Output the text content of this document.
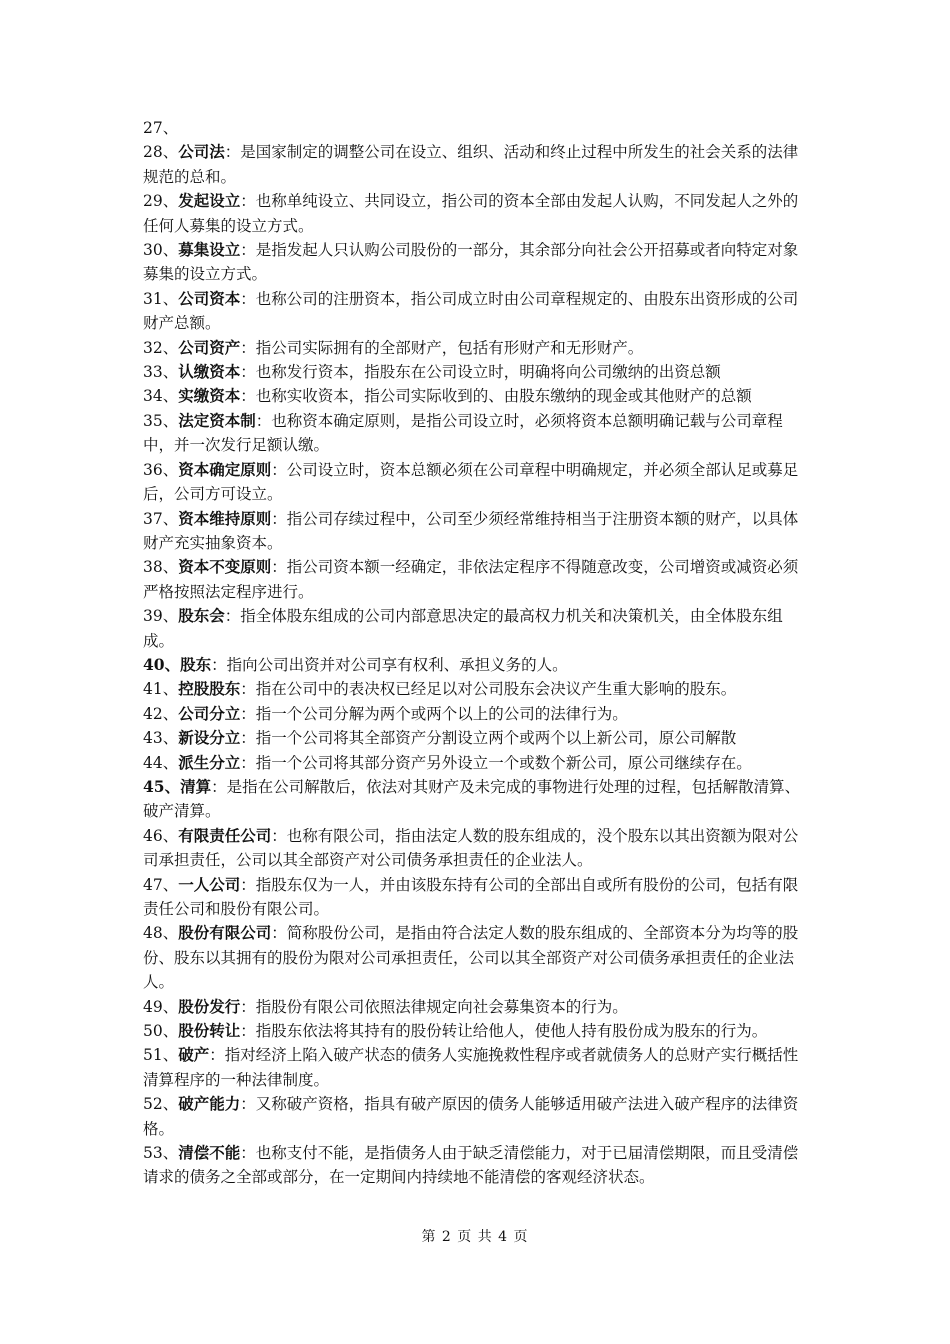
27、
28、公司法：是国家制定的调整公司在设立、组织、活动和终止过程中所发生的社会关系的法律规范的总和。
29、发起设立：也称单纯设立、共同设立，指公司的资本全部由发起人认购，不同发起人之外的任何人募集的设立方式。
30、募集设立：是指发起人只认购公司股份的一部分，其余部分向社会公开招募或者向特定对象募集的设立方式。
31、公司资本：也称公司的注册资本，指公司成立时由公司章程规定的、由股东出资形成的公司财产总额。
32、公司资产：指公司实际拥有的全部财产，包括有形财产和无形财产。
33、认缴资本：也称发行资本，指股东在公司设立时，明确将向公司缴纳的出资总额
34、实缴资本：也称实收资本，指公司实际收到的、由股东缴纳的现金或其他财产的总额
35、法定资本制：也称资本确定原则，是指公司设立时，必须将资本总额明确记载与公司章程中，并一次发行足额认缴。
36、资本确定原则：公司设立时，资本总额必须在公司章程中明确规定，并必须全部认足或募足后，公司方可设立。
37、资本维持原则：指公司存续过程中，公司至少须经常维持相当于注册资本额的财产，以具体财产充实抽象资本。
38、资本不变原则：指公司资本额一经确定，非依法定程序不得随意改变，公司增资或减资必须严格按照法定程序进行。
39、股东会：指全体股东组成的公司内部意思决定的最高权力机关和决策机关，由全体股东组成。
40、股东：指向公司出资并对公司享有权利、承担义务的人。
41、控股股东：指在公司中的表决权已经足以对公司股东会决议产生重大影响的股东。
42、公司分立：指一个公司分解为两个或两个以上的公司的法律行为。
43、新设分立：指一个公司将其全部资产分割设立两个或两个以上新公司，原公司解散
44、派生分立：指一个公司将其部分资产另外设立一个或数个新公司，原公司继续存在。
45、清算：是指在公司解散后，依法对其财产及未完成的事物进行处理的过程，包括解散清算、破产清算。
46、有限责任公司：也称有限公司，指由法定人数的股东组成的，没个股东以其出资额为限对公司承担责任，公司以其全部资产对公司债务承担责任的企业法人。
47、一人公司：指股东仅为一人，并由该股东持有公司的全部出自或所有股份的公司，包括有限责任公司和股份有限公司。
48、股份有限公司：简称股份公司，是指由符合法定人数的股东组成的、全部资本分为均等的股份、股东以其拥有的股份为限对公司承担责任，公司以其全部资产对公司债务承担责任的企业法人。
49、股份发行：指股份有限公司依照法律规定向社会募集资本的行为。
50、股份转让：指股东依法将其持有的股份转让给他人，使他人持有股份成为股东的行为。
51、破产：指对经济上陷入破产状态的债务人实施挽救性程序或者就债务人的总财产实行概括性清算程序的一种法律制度。
52、破产能力：又称破产资格，指具有破产原因的债务人能够适用破产法进入破产程序的法律资格。
53、清偿不能：也称支付不能，是指债务人由于缺乏清偿能力，对于已届清偿期限，而且受清偿请求的债务之全部或部分，在一定期间内持续地不能清偿的客观经济状态。
第 2 页 共 4 页
